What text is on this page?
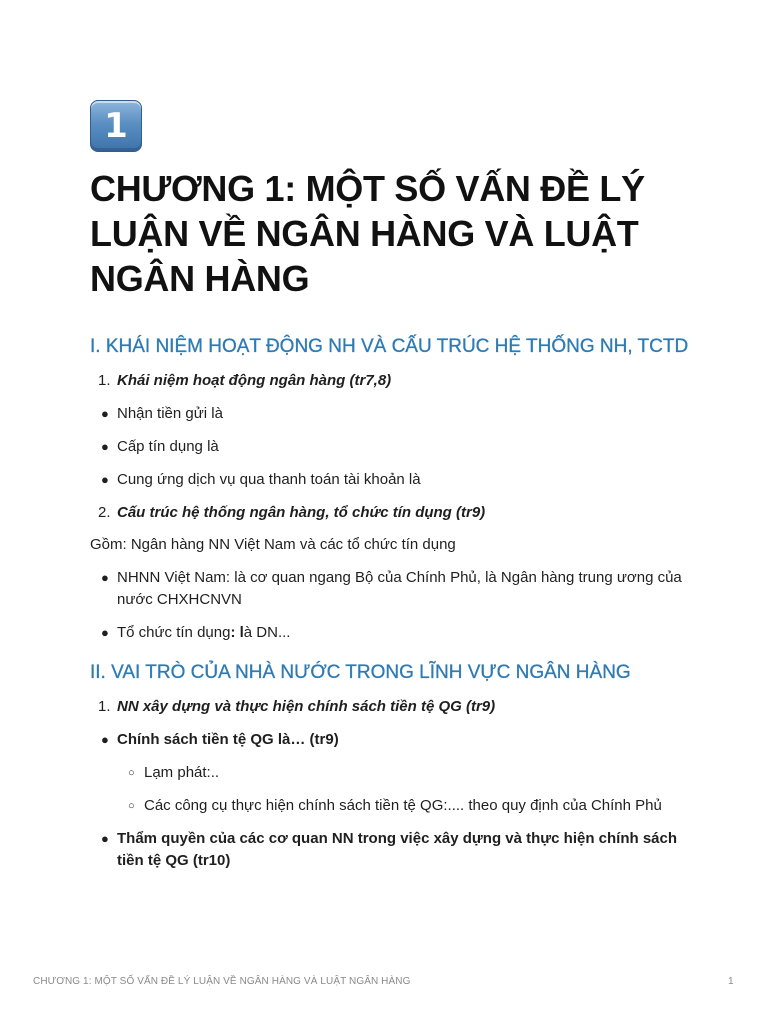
1
CHƯƠNG 1: MỘT SỐ VẤN ĐỀ LÝ LUẬN VỀ NGÂN HÀNG VÀ LUẬT NGÂN HÀNG
I. KHÁI NIỆM HOẠT ĐỘNG NH VÀ CẤU TRÚC HỆ THỐNG NH, TCTD
1. Khái niệm hoạt động ngân hàng (tr7,8)
● Nhận tiền gửi là
● Cấp tín dụng là
● Cung ứng dịch vụ qua thanh toán tài khoản là
2. Cấu trúc hệ thống ngân hàng, tổ chức tín dụng (tr9)
Gồm: Ngân hàng NN Việt Nam và các tổ chức tín dụng
● NHNN Việt Nam: là cơ quan ngang Bộ của Chính Phủ, là Ngân hàng trung ương của nước CHXHCNVN
● Tổ chức tín dụng: là DN...
II. VAI TRÒ CỦA NHÀ NƯỚC TRONG LĨNH VỰC NGÂN HÀNG
1. NN xây dựng và thực hiện chính sách tiền tệ QG (tr9)
● Chính sách tiền tệ QG là… (tr9)
○ Lạm phát:..
○ Các công cụ thực hiện chính sách tiền tệ QG:.... theo quy định của Chính Phủ
● Thẩm quyền của các cơ quan NN trong việc xây dựng và thực hiện chính sách tiền tệ QG (tr10)
CHƯƠNG 1: MỘT SỐ VẤN ĐỀ LÝ LUẬN VỀ NGÂN HÀNG VÀ LUẬT NGÂN HÀNG	1
